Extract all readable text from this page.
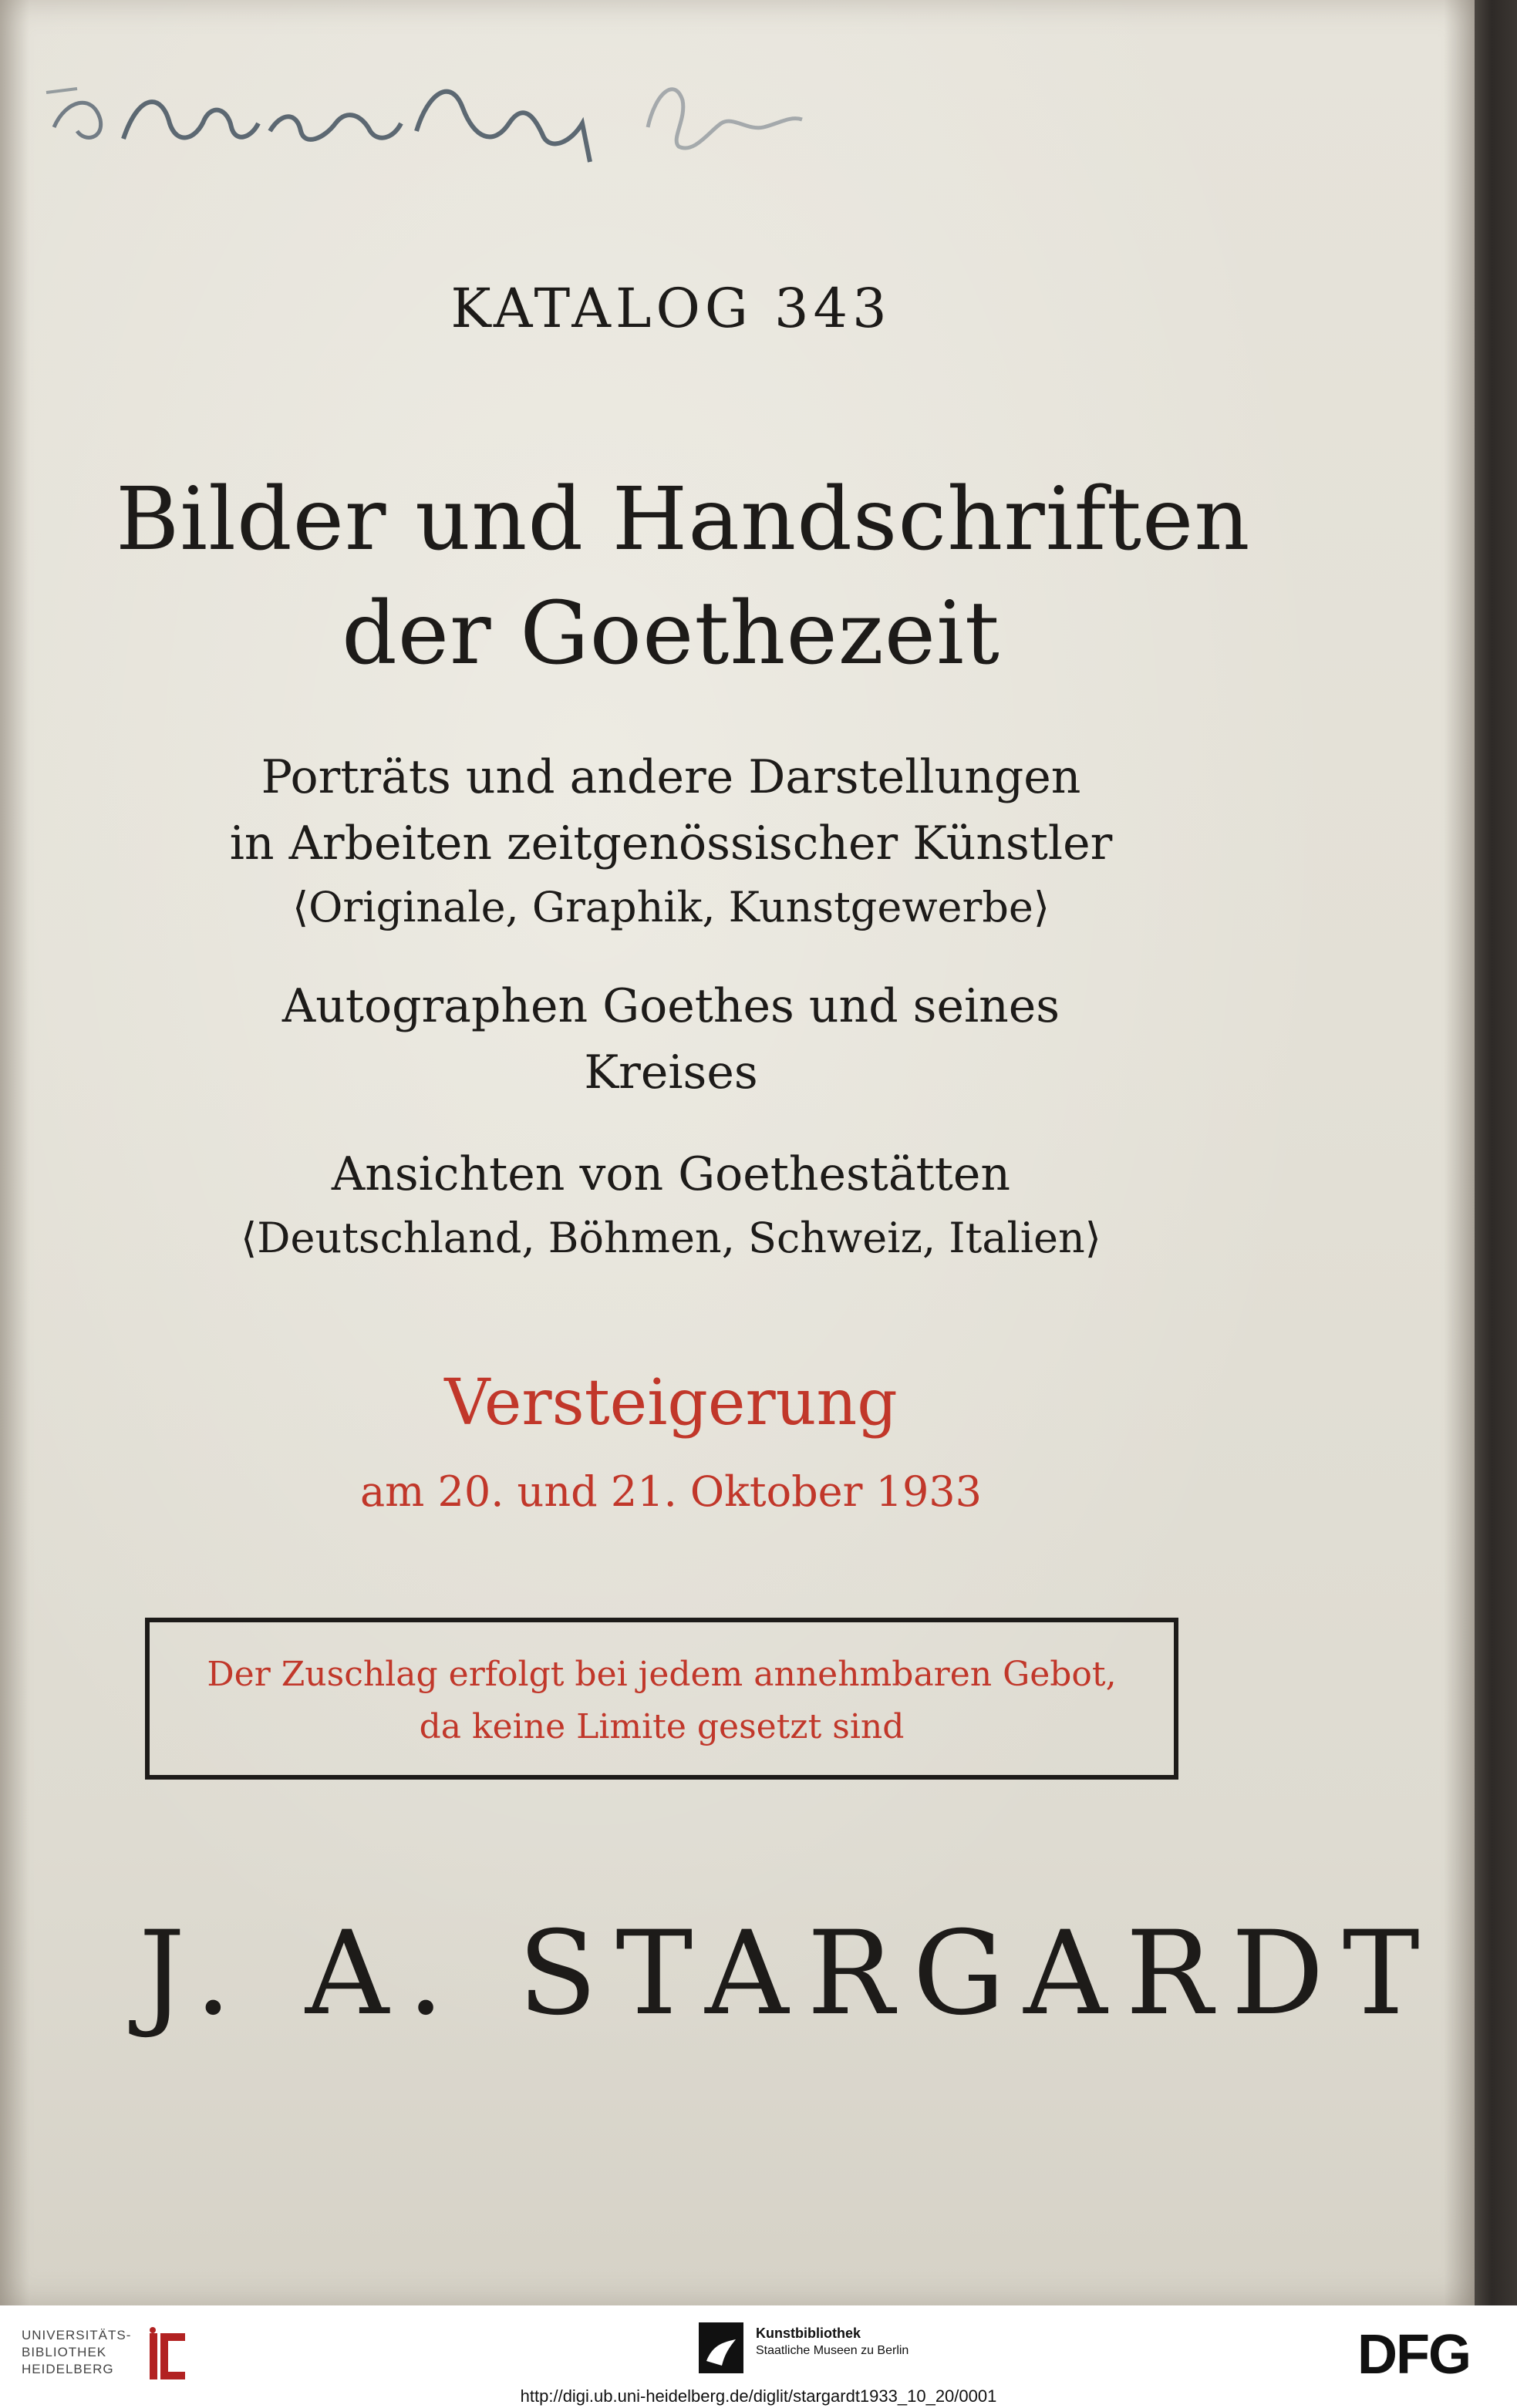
KATALOG 343
Bilder und Handschriften
der Goethezeit
Porträts und andere Darstellungen
in Arbeiten zeitgenössischer Künstler
⟨Originale, Graphik, Kunstgewerbe⟩
Autographen Goethes und seines
Kreises
Ansichten von Goethestätten
⟨Deutschland, Böhmen, Schweiz, Italien⟩
Versteigerung
am 20. und 21. Oktober 1933
Der Zuschlag erfolgt bei jedem annehmbaren Gebot,
da keine Limite gesetzt sind
J. A. STARGARDT
UNIVERSITÄTS-
BIBLIOTHEK
HEIDELBERG
Kunstbibliothek
Staatliche Museen zu Berlin	DFG
http://digi.ub.uni-heidelberg.de/diglit/stargardt1933_10_20/0001
